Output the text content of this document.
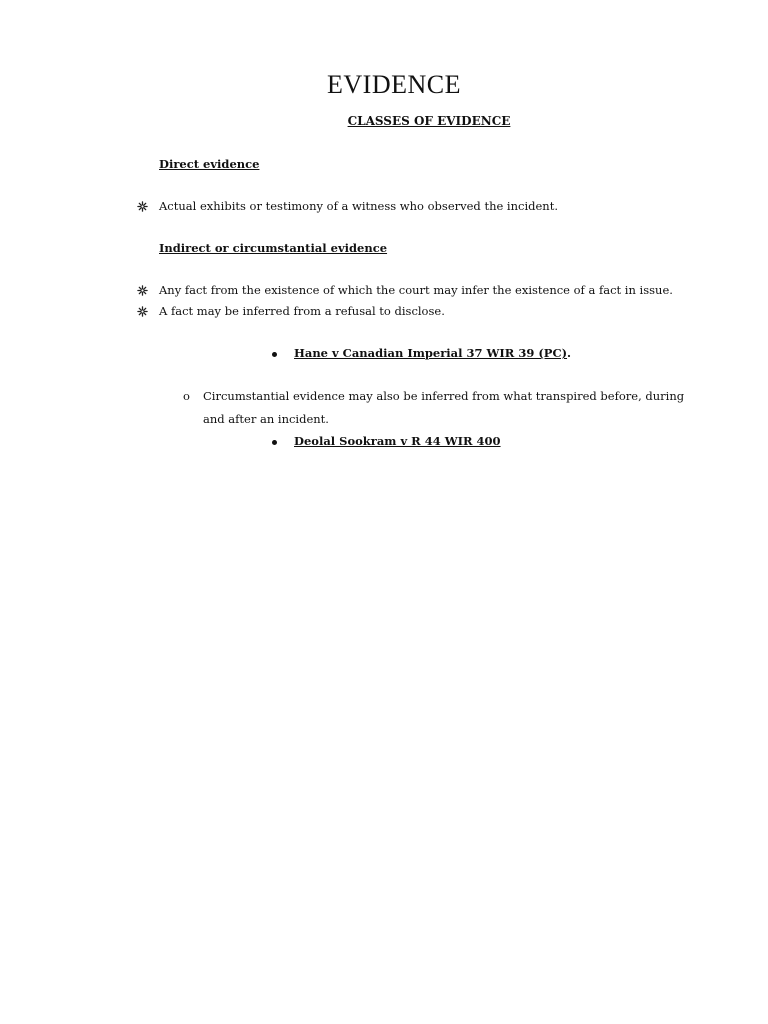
EVIDENCE
CLASSES OF EVIDENCE
Direct evidence
Actual exhibits or testimony of a witness who observed the incident.
Indirect or circumstantial evidence
Any fact from the existence of which the court may infer the existence of a fact in issue.
A fact may be inferred from a refusal to disclose.
Hane v Canadian Imperial 37 WIR 39 (PC).
o Circumstantial evidence may also be inferred from what transpired before, during
and after an incident.
Deolal Sookram v R 44 WIR 400
